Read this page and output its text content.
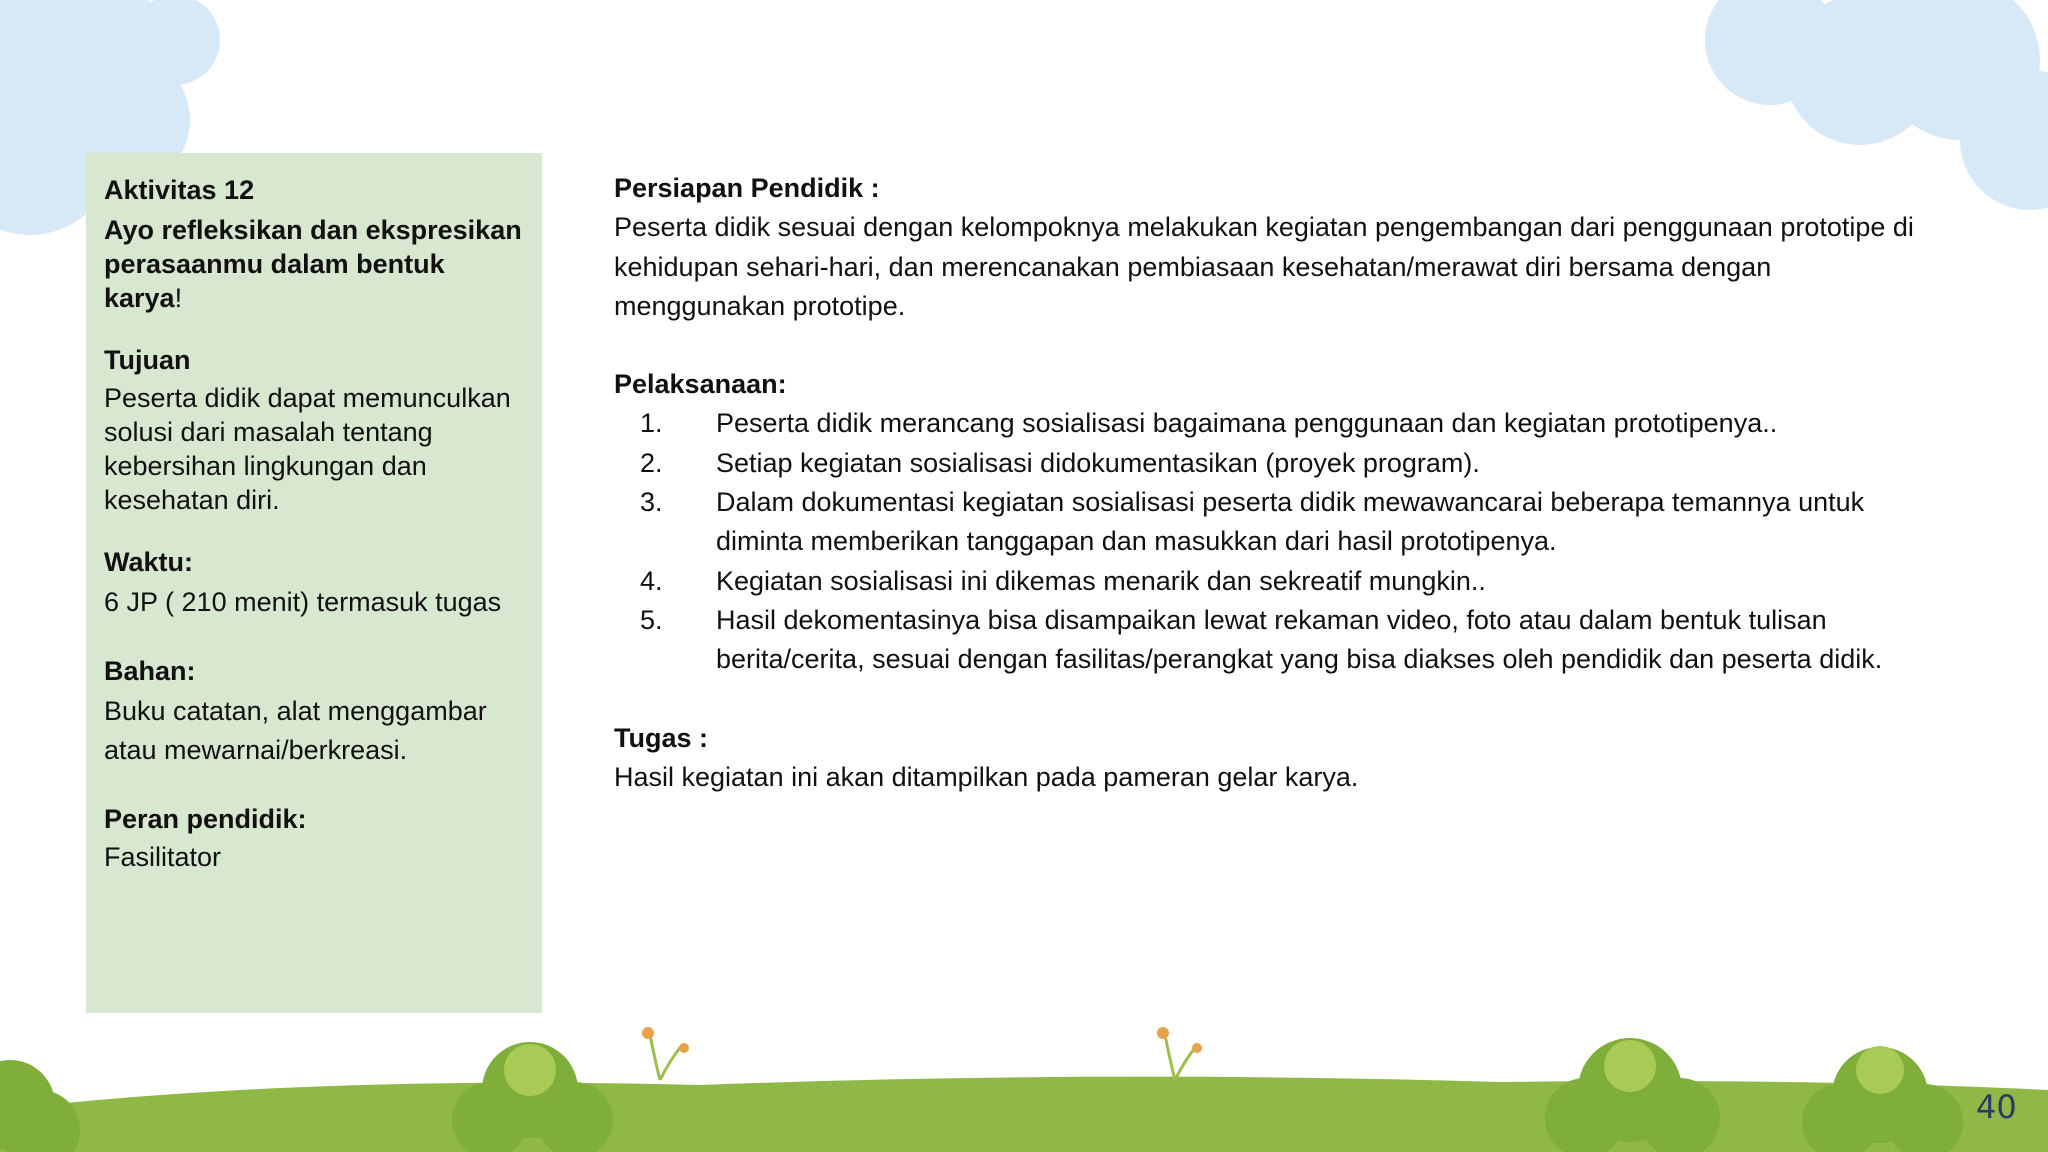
Aktivitas 12

Ayo refleksikan dan ekspresikan perasaanmu dalam bentuk karya!

Tujuan

Peserta didik dapat memunculkan solusi dari masalah tentang kebersihan lingkungan dan kesehatan diri.

Waktu:

6 JP ( 210 menit) termasuk tugas

Bahan:

Buku catatan, alat menggambar atau mewarnai/berkreasi.

Peran pendidik:

Fasilitator

Persiapan Pendidik :

Peserta didik sesuai dengan kelompoknya melakukan kegiatan pengembangan dari penggunaan prototipe di kehidupan sehari-hari, dan merencanakan pembiasaan kesehatan/merawat diri bersama dengan menggunakan prototipe.

Pelaksanaan:

1. Peserta didik merancang sosialisasi bagaimana penggunaan dan kegiatan prototipenya..
2. Setiap kegiatan sosialisasi didokumentasikan (proyek program).
3. Dalam dokumentasi kegiatan sosialisasi peserta didik mewawancarai beberapa temannya untuk diminta memberikan tanggapan dan masukkan dari hasil prototipenya.
4. Kegiatan sosialisasi ini dikemas menarik dan sekreatif mungkin..
5. Hasil dekomentasinya bisa disampaikan lewat rekaman video, foto atau dalam bentuk tulisan berita/cerita, sesuai dengan fasilitas/perangkat yang bisa diakses oleh pendidik dan peserta didik.

Tugas :

Hasil kegiatan ini akan ditampilkan pada pameran gelar karya.

40
